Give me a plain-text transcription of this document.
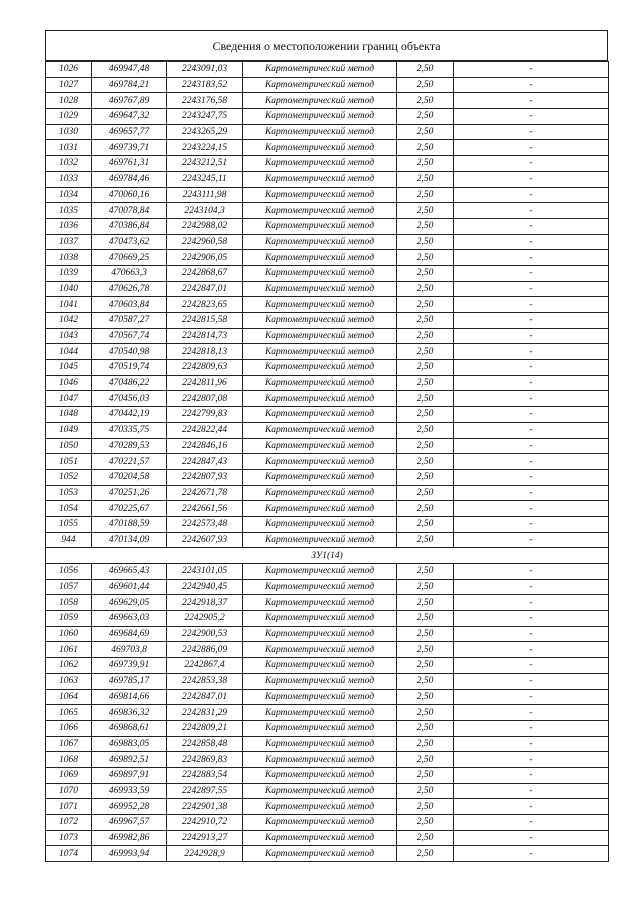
Сведения о местоположении границ объекта
1026	469947,48	2243091,03	Картометрический метод	2,50	-
1027	469784,21	2243183,52	Картометрический метод	2,50	-
1028	469767,89	2243176,58	Картометрический метод	2,50	-
1029	469647,32	2243247,75	Картометрический метод	2,50	-
1030	469657,77	2243265,29	Картометрический метод	2,50	-
1031	469739,71	2243224,15	Картометрический метод	2,50	-
1032	469761,31	2243212,51	Картометрический метод	2,50	-
1033	469784,46	2243245,11	Картометрический метод	2,50	-
1034	470060,16	2243111,98	Картометрический метод	2,50	-
1035	470078,84	2243104,3	Картометрический метод	2,50	-
1036	470386,84	2242988,02	Картометрический метод	2,50	-
1037	470473,62	2242960,58	Картометрический метод	2,50	-
1038	470669,25	2242906,05	Картометрический метод	2,50	-
1039	470663,3	2242868,67	Картометрический метод	2,50	-
1040	470626,78	2242847,01	Картометрический метод	2,50	-
1041	470603,84	2242823,65	Картометрический метод	2,50	-
1042	470587,27	2242815,58	Картометрический метод	2,50	-
1043	470567,74	2242814,73	Картометрический метод	2,50	-
1044	470540,98	2242818,13	Картометрический метод	2,50	-
1045	470519,74	2242809,63	Картометрический метод	2,50	-
1046	470486,22	2242811,96	Картометрический метод	2,50	-
1047	470456,03	2242807,08	Картометрический метод	2,50	-
1048	470442,19	2242799,83	Картометрический метод	2,50	-
1049	470335,75	2242822,44	Картометрический метод	2,50	-
1050	470289,53	2242846,16	Картометрический метод	2,50	-
1051	470221,57	2242847,43	Картометрический метод	2,50	-
1052	470204,58	2242807,93	Картометрический метод	2,50	-
1053	470251,26	2242671,78	Картометрический метод	2,50	-
1054	470225,67	2242661,56	Картометрический метод	2,50	-
1055	470188,59	2242573,48	Картометрический метод	2,50	-
944	470134,09	2242607,93	Картометрический метод	2,50	-
ЗУ1(14)					
1056	469665,43	2243101,05	Картометрический метод	2,50	-
1057	469601,44	2242940,45	Картометрический метод	2,50	-
1058	469629,05	2242918,37	Картометрический метод	2,50	-
1059	469663,03	2242905,2	Картометрический метод	2,50	-
1060	469684,69	2242900,53	Картометрический метод	2,50	-
1061	469703,8	2242886,09	Картометрический метод	2,50	-
1062	469739,91	2242867,4	Картометрический метод	2,50	-
1063	469785,17	2242853,38	Картометрический метод	2,50	-
1064	469814,66	2242847,01	Картометрический метод	2,50	-
1065	469836,32	2242831,29	Картометрический метод	2,50	-
1066	469868,61	2242809,21	Картометрический метод	2,50	-
1067	469883,05	2242858,48	Картометрический метод	2,50	-
1068	469892,51	2242869,83	Картометрический метод	2,50	-
1069	469897,91	2242883,54	Картометрический метод	2,50	-
1070	469933,59	2242897,55	Картометрический метод	2,50	-
1071	469952,28	2242901,38	Картометрический метод	2,50	-
1072	469967,57	2242910,72	Картометрический метод	2,50	-
1073	469982,86	2242913,27	Картометрический метод	2,50	-
1074	469993,94	2242928,9	Картометрический метод	2,50	-
